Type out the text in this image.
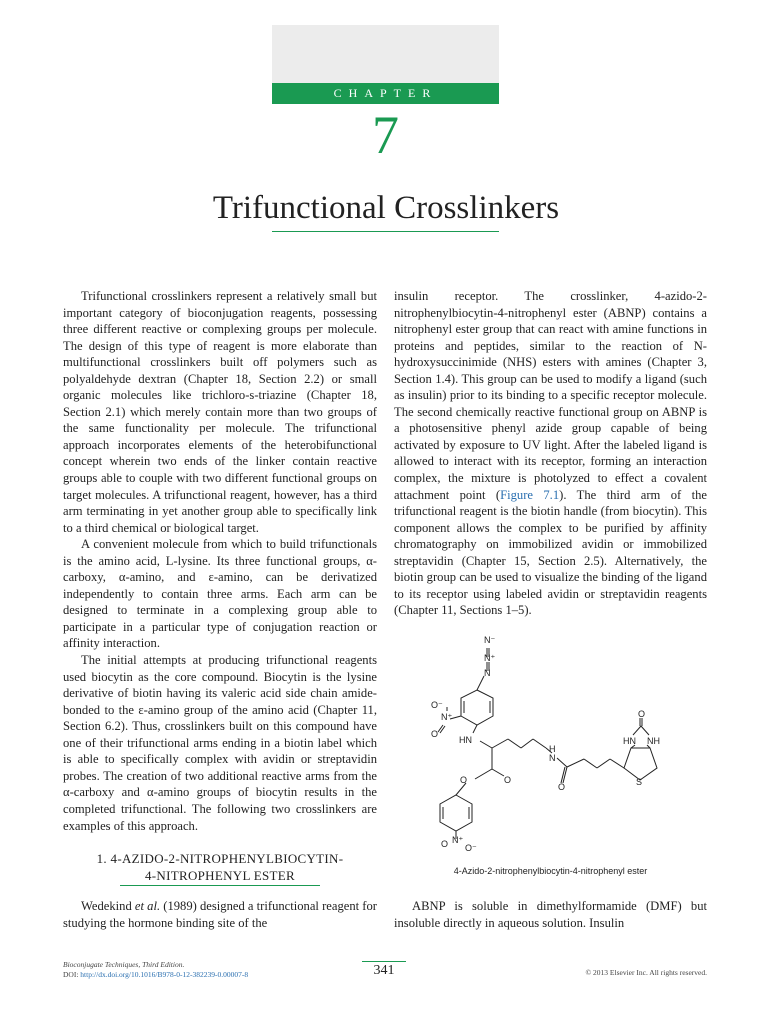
CHAPTER
7
Trifunctional Crosslinkers

Trifunctional crosslinkers represent a relatively small but important category of bioconjugation reagents, possessing three different reactive or complexing groups per molecule. The design of this type of reagent is more elaborate than multifunctional crosslinkers built off polymers such as polyaldehyde dextran (Chapter 18, Section 2.2) or small organic molecules like trichloro-s-triazine (Chapter 18, Section 2.1) which merely contain more than two groups of the same functionality per molecule. The trifunctional approach incorporates elements of the heterobifunctional concept wherein two ends of the linker contain reactive groups able to couple with two different functional groups on target molecules. A trifunctional reagent, however, has a third arm terminating in yet another group able to specifically link to a third chemical or biological target.

A convenient molecule from which to build trifunctionals is the amino acid, L-lysine. Its three functional groups, α-carboxy, α-amino, and ε-amino, can be derivatized independently to contain three arms. Each arm can be designed to terminate in a complexing group able to participate in a particular type of conjugation reaction or affinity interaction.

The initial attempts at producing trifunctional reagents used biocytin as the core compound. Biocytin is the lysine derivative of biotin having its valeric acid side chain amide-bonded to the ε-amino group of the amino acid (Chapter 11, Section 6.2). Thus, crosslinkers built on this compound have one of their trifunctional arms ending in a biotin label which is able to specifically complex with avidin or streptavidin probes. The creation of two additional reactive arms from the α-carboxy and α-amino groups of biocytin results in the completed trifunctional. The following two crosslinkers are examples of this approach.

insulin receptor. The crosslinker, 4-azido-2-nitrophenylbiocytin-4-nitrophenyl ester (ABNP) contains a nitrophenyl ester group that can react with amine functions in proteins and peptides, similar to the reaction of N-hydroxysuccinimide (NHS) esters with amines (Chapter 3, Section 1.4). This group can be used to modify a ligand (such as insulin) prior to its binding to a specific receptor molecule. The second chemically reactive functional group on ABNP is a photosensitive phenyl azide group capable of being activated by exposure to UV light. After the labeled ligand is allowed to interact with its receptor, forming an interaction complex, the mixture is photolyzed to effect a covalent attachment point (Figure 7.1). The third arm of the trifunctional reagent is the biotin handle (from biocytin). This component allows the complex to be purified by affinity chromatography on immobilized avidin or immobilized streptavidin (Chapter 15, Section 2.5). Alternatively, the biotin group can be used to visualize the binding of the ligand to its receptor using labeled avidin or streptavidin reagents (Chapter 11, Sections 1–5).

N⁻
N⁺
N
O⁻
N⁺
O
HN
H
N
O	O
O
O
HN NH
S
O N⁺
O⁻
4-Azido-2-nitrophenylbiocytin-4-nitrophenyl ester
1. 4-AZIDO-2-NITROPHENYLBIOCYTIN-
4-NITROPHENYL ESTER

Wedekind et al. (1989) designed a trifunctional reagent for studying the hormone binding site of the

ABNP is soluble in dimethylformamide (DMF) but insoluble directly in aqueous solution. Insulin

Bioconjugate Techniques, Third Edition.
DOI: http://dx.doi.org/10.1016/B978-0-12-382239-0.00007-8	341	© 2013 Elsevier Inc. All rights reserved.
